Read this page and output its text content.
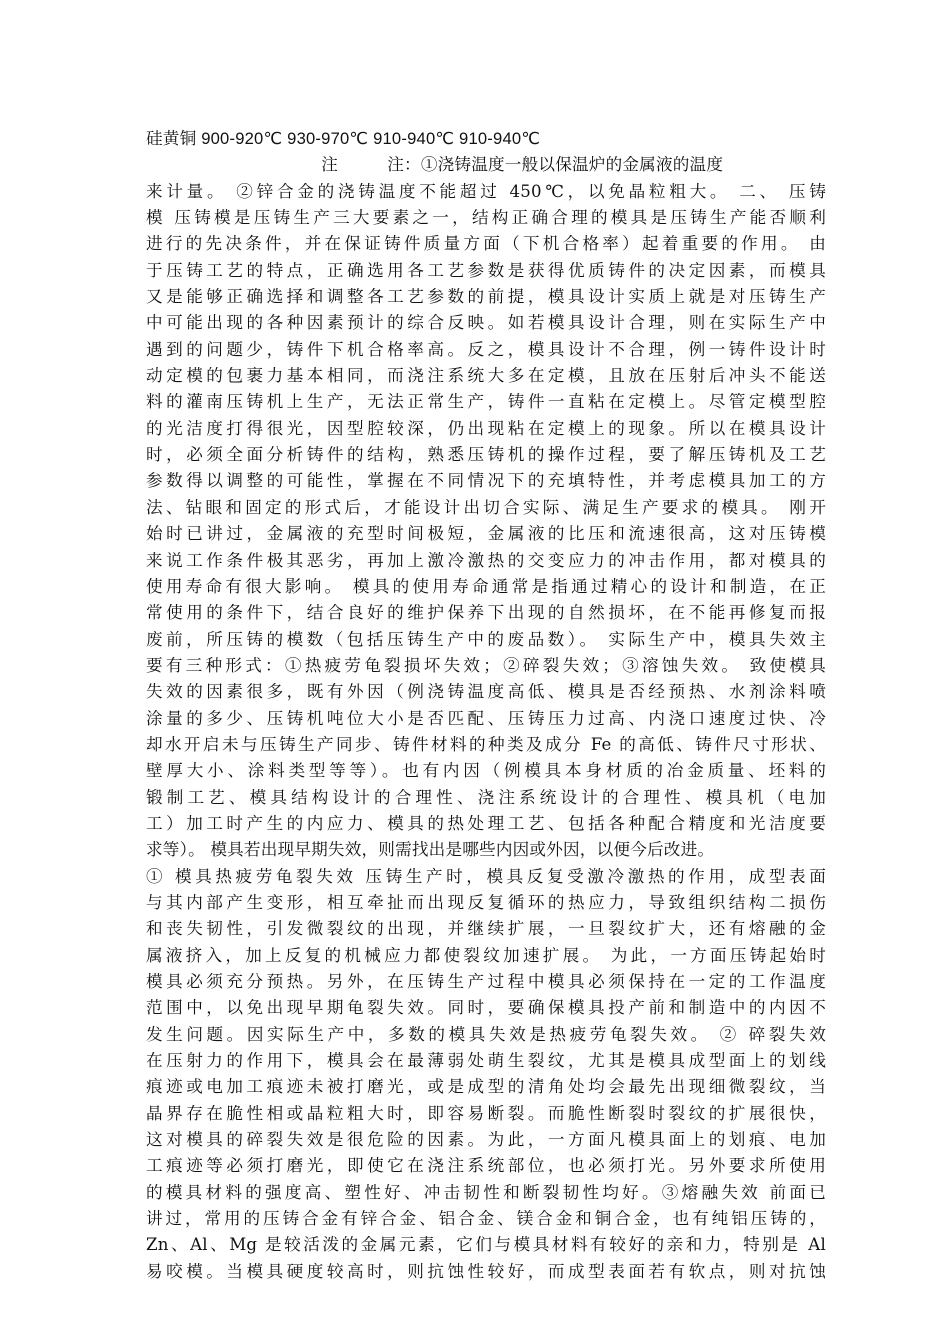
硅黄铜 900-920℃ 930-970℃ 910-940℃ 910-940℃
注         注：①浇铸温度一般以保温炉的金属液的温度
来计量。 ②锌合金的浇铸温度不能超过 450℃，以免晶粒粗大。 二、 压铸
模 压铸模是压铸生产三大要素之一，结构正确合理的模具是压铸生产能否顺利
进行的先决条件，并在保证铸件质量方面（下机合格率）起着重要的作用。 由
于压铸工艺的特点，正确选用各工艺参数是获得优质铸件的决定因素，而模具
又是能够正确选择和调整各工艺参数的前提，模具设计实质上就是对压铸生产
中可能出现的各种因素预计的综合反映。如若模具设计合理，则在实际生产中
遇到的问题少，铸件下机合格率高。反之，模具设计不合理，例一铸件设计时
动定模的包裹力基本相同，而浇注系统大多在定模，且放在压射后冲头不能送
料的灌南压铸机上生产，无法正常生产，铸件一直粘在定模上。尽管定模型腔
的光洁度打得很光，因型腔较深，仍出现粘在定模上的现象。所以在模具设计
时，必须全面分析铸件的结构，熟悉压铸机的操作过程，要了解压铸机及工艺
参数得以调整的可能性，掌握在不同情况下的充填特性，并考虑模具加工的方
法、钻眼和固定的形式后，才能设计出切合实际、满足生产要求的模具。 刚开
始时已讲过，金属液的充型时间极短，金属液的比压和流速很高，这对压铸模
来说工作条件极其恶劣，再加上激冷激热的交变应力的冲击作用，都对模具的
使用寿命有很大影响。 模具的使用寿命通常是指通过精心的设计和制造，在正
常使用的条件下，结合良好的维护保养下出现的自然损坏，在不能再修复而报
废前，所压铸的模数（包括压铸生产中的废品数）。 实际生产中，模具失效主
要有三种形式：①热疲劳龟裂损坏失效；②碎裂失效；③溶蚀失效。 致使模具
失效的因素很多，既有外因（例浇铸温度高低、模具是否经预热、水剂涂料喷
涂量的多少、压铸机吨位大小是否匹配、压铸压力过高、内浇口速度过快、冷
却水开启未与压铸生产同步、铸件材料的种类及成分 Fe 的高低、铸件尺寸形状、
壁厚大小、涂料类型等等）。也有内因（例模具本身材质的冶金质量、坯料的
锻制工艺、模具结构设计的合理性、浇注系统设计的合理性、模具机（电加
工）加工时产生的内应力、模具的热处理工艺、包括各种配合精度和光洁度要
求等）。 模具若出现早期失效，则需找出是哪些内因或外因，以便今后改进。
① 模具热疲劳龟裂失效 压铸生产时，模具反复受激冷激热的作用，成型表面
与其内部产生变形，相互牵扯而出现反复循环的热应力，导致组织结构二损伤
和丧失韧性，引发微裂纹的出现，并继续扩展，一旦裂纹扩大，还有熔融的金
属液挤入，加上反复的机械应力都使裂纹加速扩展。 为此，一方面压铸起始时
模具必须充分预热。另外，在压铸生产过程中模具必须保持在一定的工作温度
范围中，以免出现早期龟裂失效。同时，要确保模具投产前和制造中的内因不
发生问题。因实际生产中，多数的模具失效是热疲劳龟裂失效。 ② 碎裂失效
在压射力的作用下，模具会在最薄弱处萌生裂纹，尤其是模具成型面上的划线
痕迹或电加工痕迹未被打磨光，或是成型的清角处均会最先出现细微裂纹，当
晶界存在脆性相或晶粒粗大时，即容易断裂。而脆性断裂时裂纹的扩展很快，
这对模具的碎裂失效是很危险的因素。为此，一方面凡模具面上的划痕、电加
工痕迹等必须打磨光，即使它在浇注系统部位，也必须打光。另外要求所使用
的模具材料的强度高、塑性好、冲击韧性和断裂韧性均好。③熔融失效 前面已
讲过，常用的压铸合金有锌合金、铝合金、镁合金和铜合金，也有纯铝压铸的，
Zn、Al、Mg 是较活泼的金属元素，它们与模具材料有较好的亲和力，特别是 Al
易咬模。当模具硬度较高时，则抗蚀性较好，而成型表面若有软点，则对抗蚀
